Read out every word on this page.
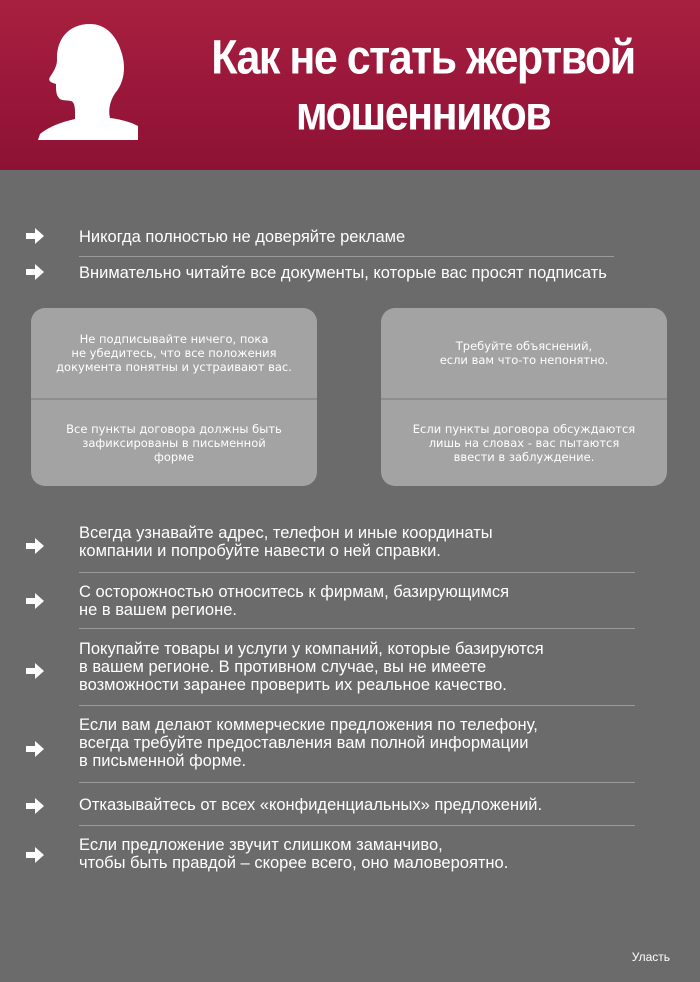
Как не стать жертвой
мошенников
Никогда полностью не доверяйте рекламе
Внимательно читайте все документы, которые вас просят подписать
Не подписывайте ничего, пока
не убедитесь, что все положения
документа понятны и устраивают вас.
Все пункты договора должны быть
зафиксированы в письменной
форме
Требуйте объяснений,
если вам что-то непонятно.
Если пункты договора обсуждаются
лишь на словах - вас пытаются
ввести в заблуждение.
Всегда узнавайте адрес, телефон и иные координаты
компании и попробуйте навести о ней справки.
С осторожностью относитесь к фирмам, базирующимся
не в вашем регионе.
Покупайте товары и услуги у компаний, которые базируются
в вашем регионе. В противном случае, вы не имеете
возможности заранее проверить их реальное качество.
Если вам делают коммерческие предложения по телефону,
всегда требуйте предоставления вам полной информации
в письменной форме.
Отказывайтесь от всех «конфиденциальных» предложений.
Если предложение звучит слишком заманчиво,
чтобы быть правдой – скорее всего, оно маловероятно.
Уласть
